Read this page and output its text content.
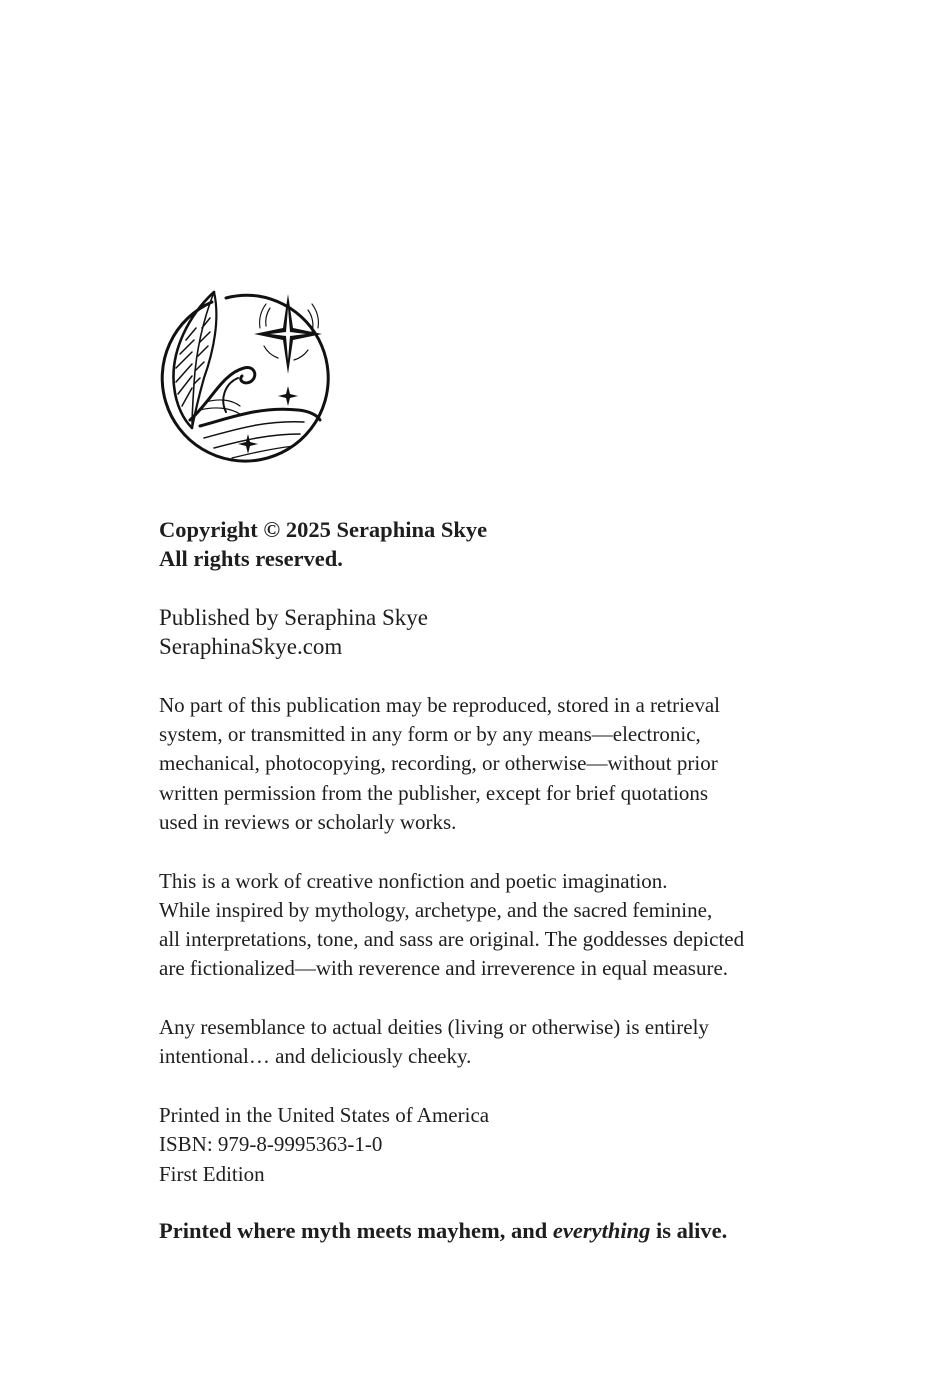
Copyright © 2025 Seraphina Skye
All rights reserved.
Published by Seraphina Skye
SeraphinaSkye.com
No part of this publication may be reproduced, stored in a retrieval
system, or transmitted in any form or by any means—electronic,
mechanical, photocopying, recording, or otherwise—without prior
written permission from the publisher, except for brief quotations
used in reviews or scholarly works.
This is a work of creative nonfiction and poetic imagination.
While inspired by mythology, archetype, and the sacred feminine,
all interpretations, tone, and sass are original. The goddesses depicted
are fictionalized—with reverence and irreverence in equal measure.
Any resemblance to actual deities (living or otherwise) is entirely
intentional… and deliciously cheeky.
Printed in the United States of America
ISBN: 979-8-9995363-1-0
First Edition
Printed where myth meets mayhem, and everything is alive.
